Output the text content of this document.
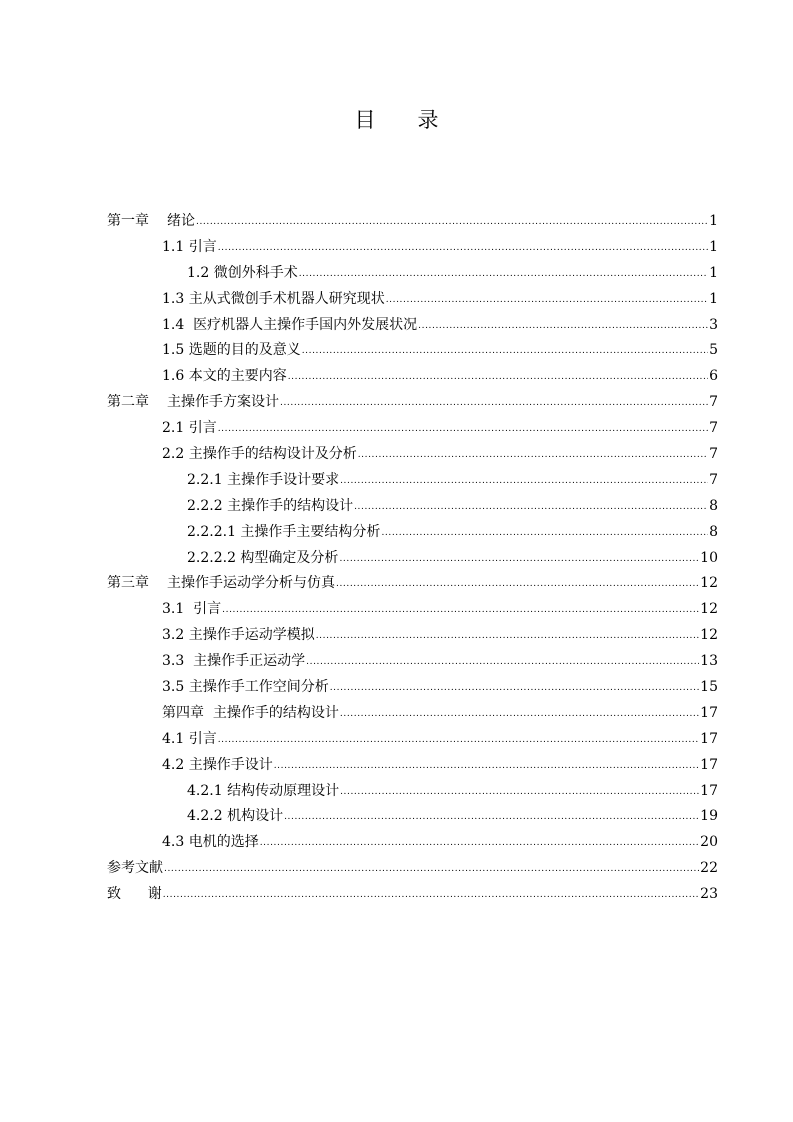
目录
第一章 绪论 .....	1
1.1 引言 .....	1
1.2 微创外科手术 .....	1
1.3 主从式微创手术机器人研究现状 .....	1
1.4  医疗机器人主操作手国内外发展状况 .....	3
1.5 选题的目的及意义 .....	5
1.6 本文的主要内容 .....	6
第二章 主操作手方案设计 .....	7
2.1 引言 .....	7
2.2 主操作手的结构设计及分析 .....	7
2.2.1 主操作手设计要求 .....	7
2.2.2 主操作手的结构设计 .....	8
2.2.2.1 主操作手主要结构分析 .....	8
2.2.2.2 构型确定及分析 .....	10
第三章 主操作手运动学分析与仿真 .....	12
3.1  引言 .....	12
3.2 主操作手运动学模拟 .....	12
3.3  主操作手正运动学 .....	13
3.5 主操作手工作空间分析 .....	15
第四章  主操作手的结构设计 .....	17
4.1 引言 .....	17
4.2 主操作手设计 .....	17
4.2.1 结构传动原理设计 .....	17
4.2.2 机构设计 .....	19
4.3 电机的选择 .....	20
参考文献 .....	22
致      谢 .....	23
